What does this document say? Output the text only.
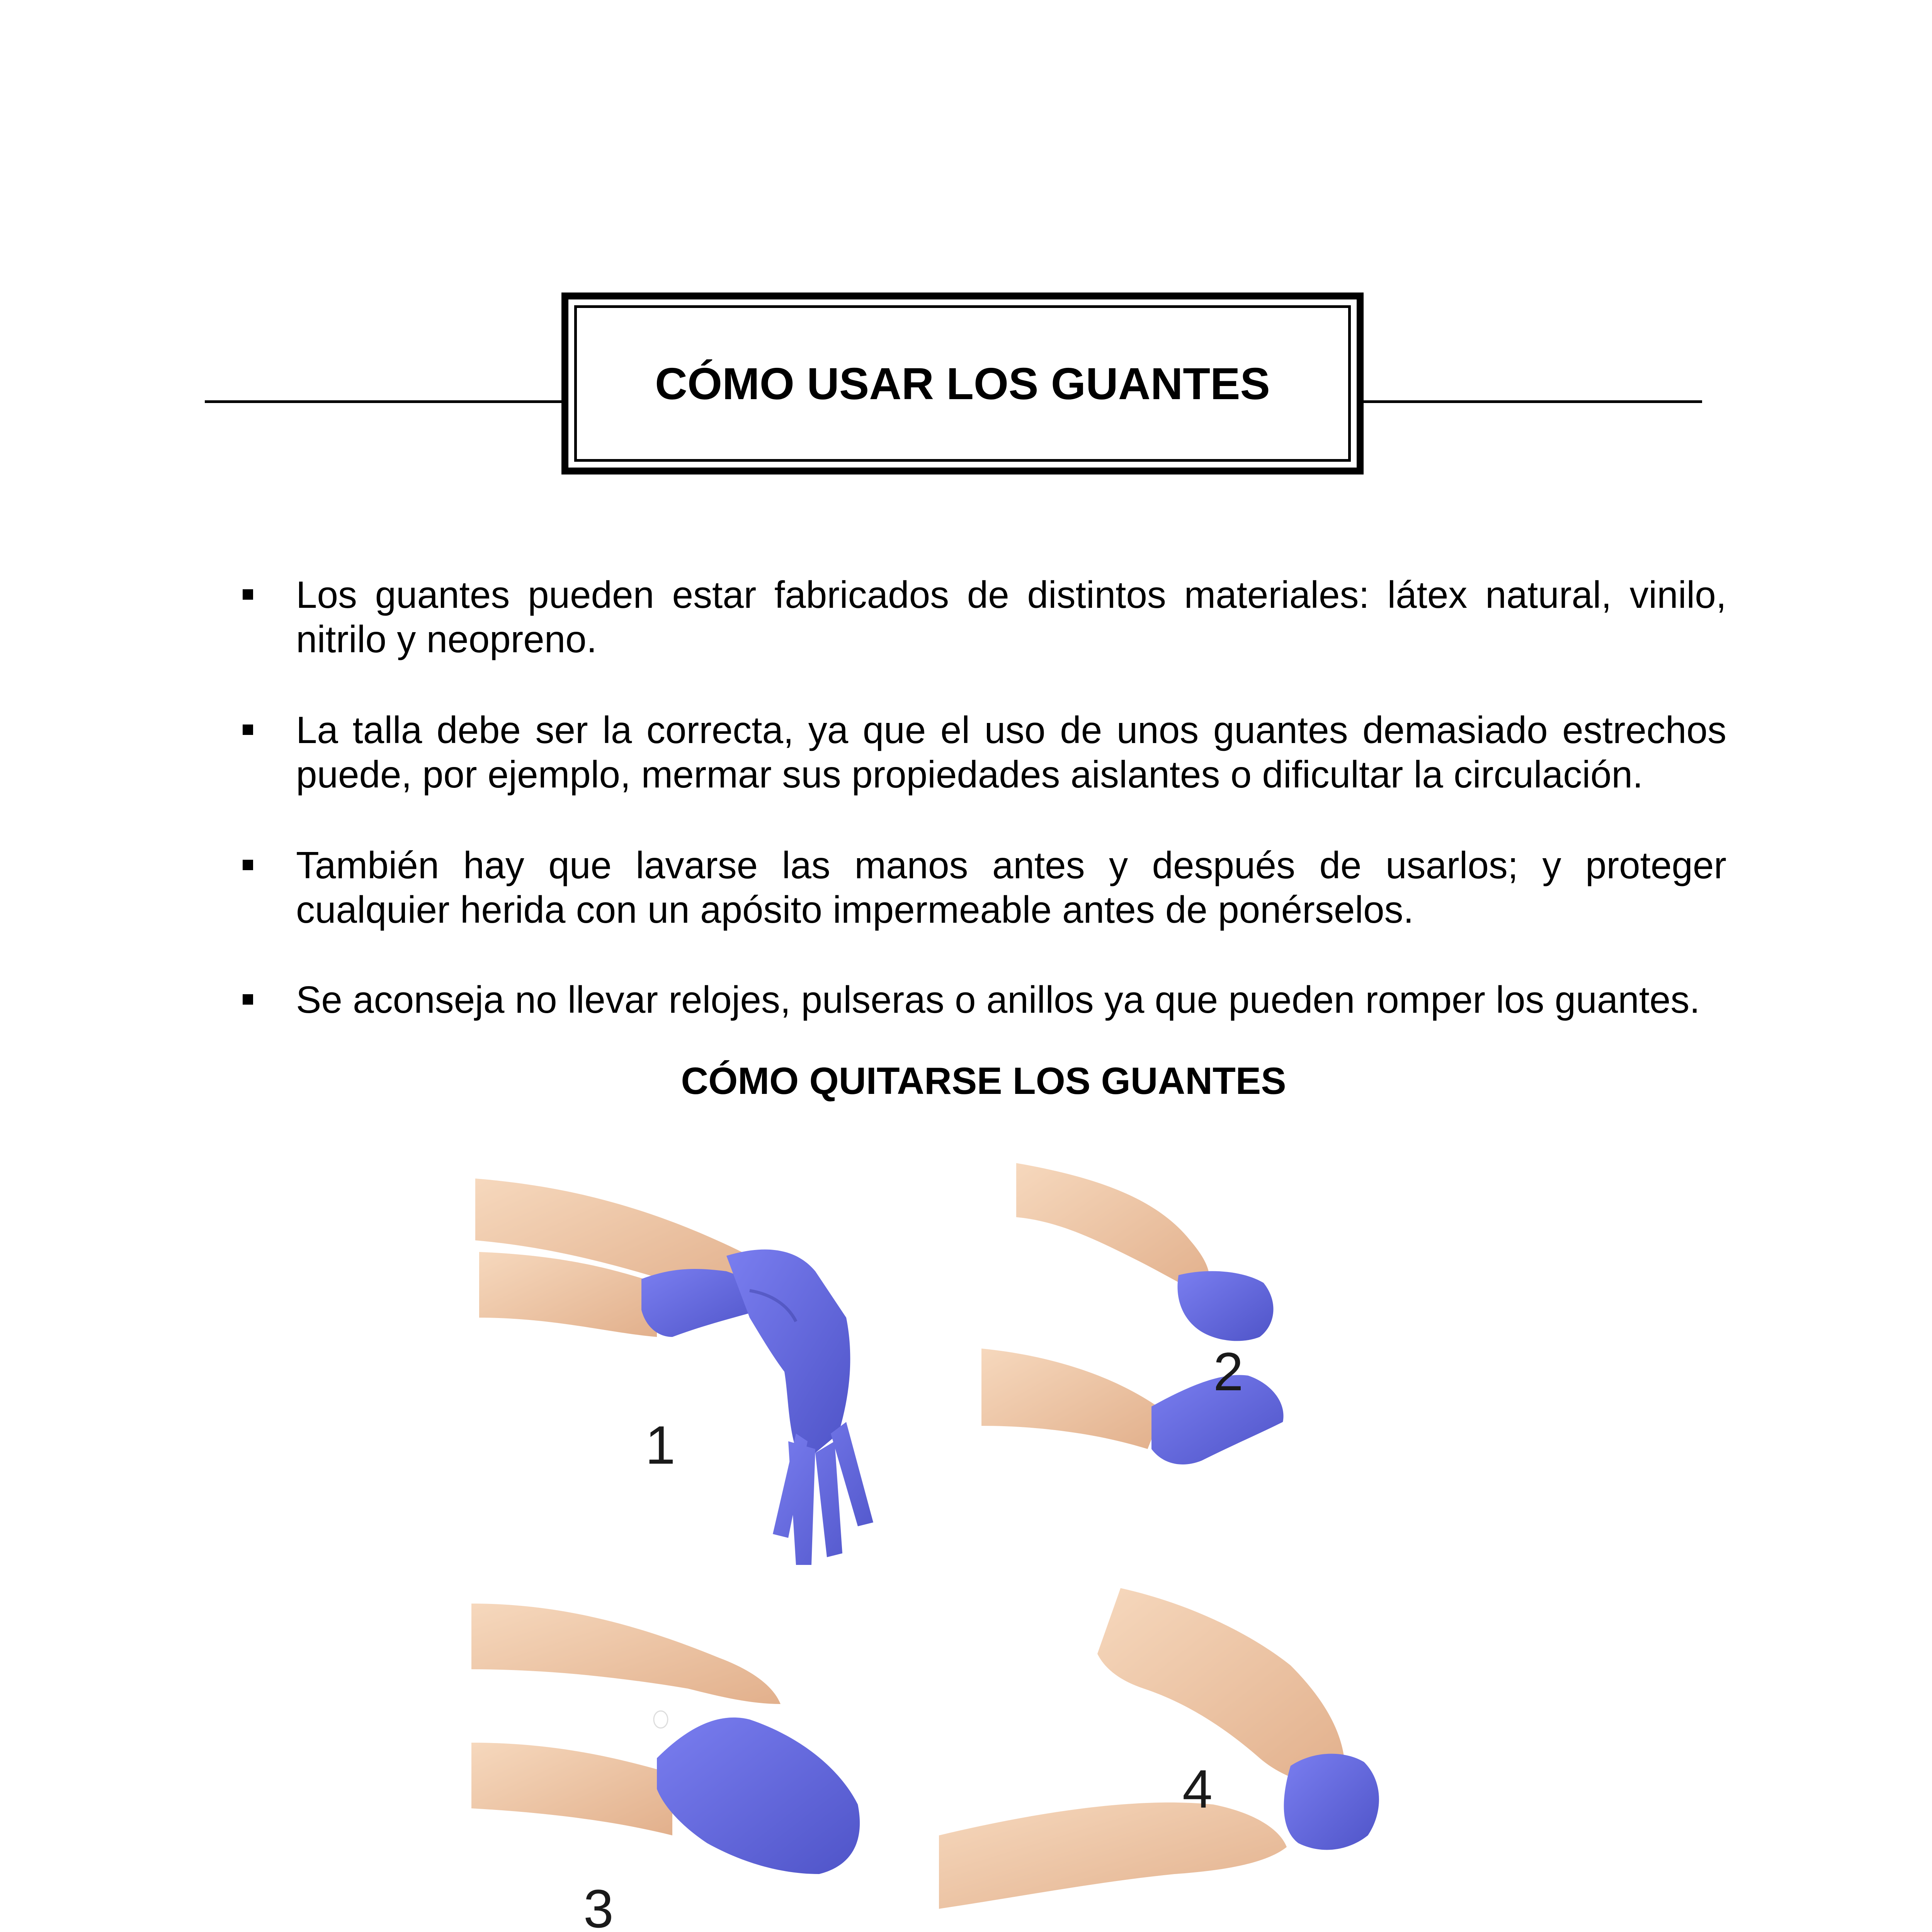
CÓMO USAR LOS GUANTES
Los guantes pueden estar fabricados de distintos materiales: látex natural, vinilo, nitrilo y neopreno.
La talla debe ser la correcta, ya que el uso de unos guantes demasiado estrechos puede, por ejemplo, mermar sus propiedades aislantes o dificultar la circulación.
También hay que lavarse las manos antes y después de usarlos; y proteger cualquier herida con un apósito impermeable antes de ponérselos.
Se aconseja no llevar relojes, pulseras o anillos ya que pueden romper los guantes.
CÓMO QUITARSE LOS GUANTES
1
2
3
4
